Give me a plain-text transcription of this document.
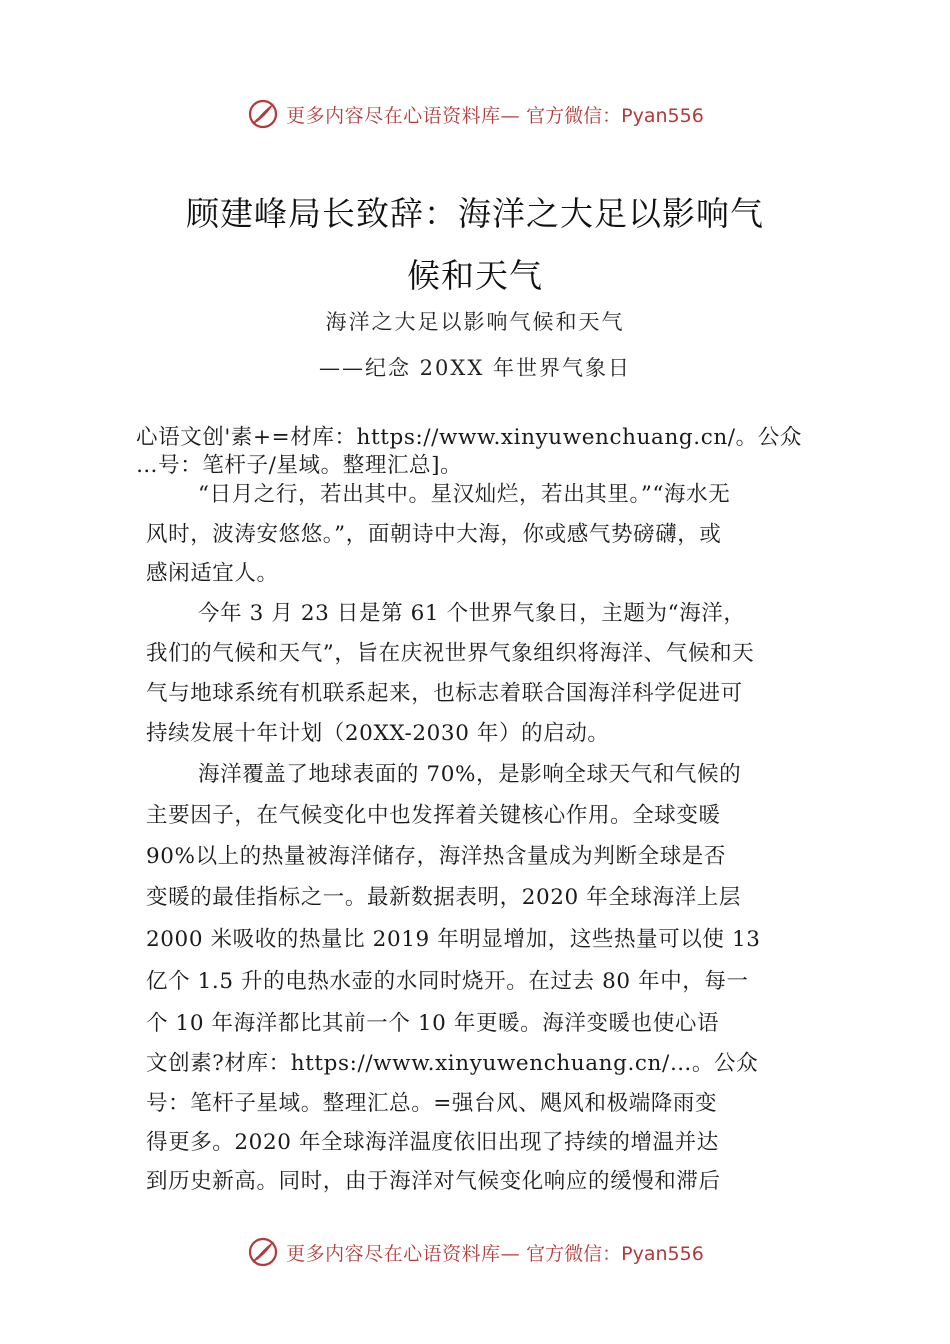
更多内容尽在心语资料库— 官方微信：Pyan556
顾建峰局长致辞：海洋之大足以影响气
候和天气
海洋之大足以影响气候和天气
——纪念 20XX 年世界气象日
心语文创'素+=材库：https://www.xinyuwenchuang.cn/。公众
…号：笔杆子/星域。整理汇总]。
“日月之行，若出其中。星汉灿烂，若出其里。”“海水无
风时，波涛安悠悠。”，面朝诗中大海，你或感气势磅礴，或
感闲适宜人。
今年 3 月 23 日是第 61 个世界气象日，主题为“海洋，
我们的气候和天气”，旨在庆祝世界气象组织将海洋、气候和天
气与地球系统有机联系起来，也标志着联合国海洋科学促进可
持续发展十年计划（20XX-2030 年）的启动。
海洋覆盖了地球表面的 70%，是影响全球天气和气候的
主要因子，在气候变化中也发挥着关键核心作用。全球变暖
90%以上的热量被海洋储存，海洋热含量成为判断全球是否
变暖的最佳指标之一。最新数据表明，2020 年全球海洋上层
2000 米吸收的热量比 2019 年明显增加，这些热量可以使 13
亿个 1.5 升的电热水壶的水同时烧开。在过去 80 年中，每一
个 10 年海洋都比其前一个 10 年更暖。海洋变暖也使心语
文创素?材库：https://www.xinyuwenchuang.cn/…。公众
号：笔杆子星域。整理汇总。=强台风、飓风和极端降雨变
得更多。2020 年全球海洋温度依旧出现了持续的增温并达
到历史新高。同时，由于海洋对气候变化响应的缓慢和滞后
更多内容尽在心语资料库— 官方微信：Pyan556
